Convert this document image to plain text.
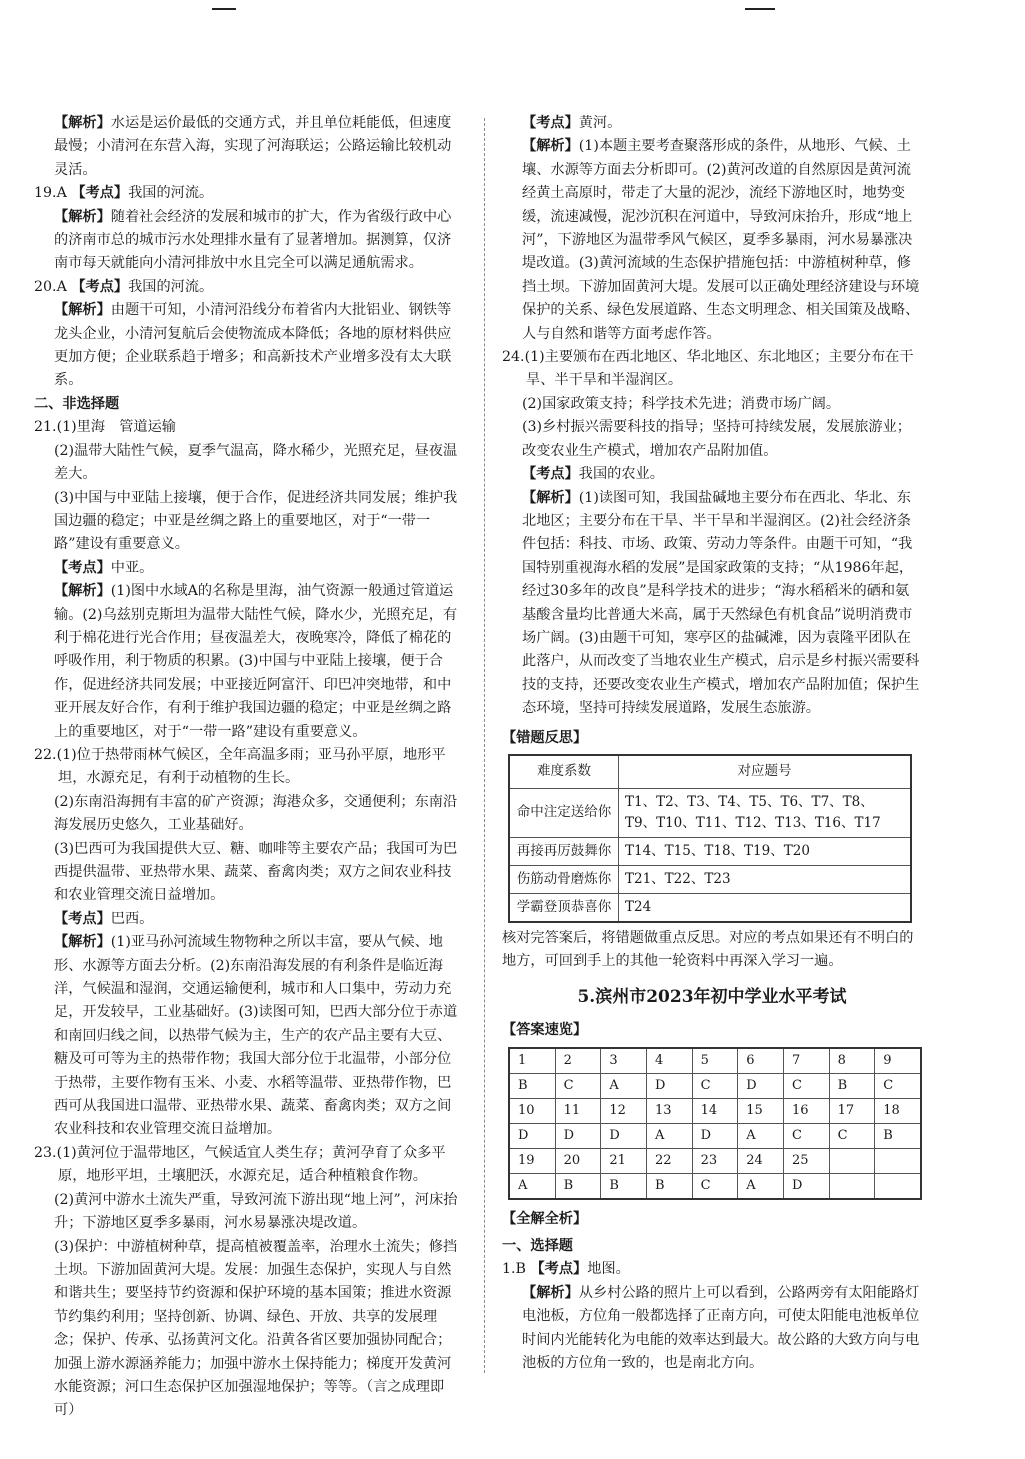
【解析】水运是运价最低的交通方式，并且单位耗能低，但速度最慢；小清河在东营入海，实现了河海联运；公路运输比较机动灵活。

19.A 【考点】我国的河流。

【解析】随着社会经济的发展和城市的扩大，作为省级行政中心的济南市总的城市污水处理排水量有了显著增加。据测算，仅济南市每天就能向小清河排放中水且完全可以满足通航需求。

20.A 【考点】我国的河流。

【解析】由题干可知，小清河沿线分布着省内大批铝业、钢铁等龙头企业，小清河复航后会使物流成本降低；各地的原材料供应更加方便；企业联系趋于增多；和高新技术产业增多没有太大联系。

二、非选择题

21.(1)里海　管道运输

(2)温带大陆性气候，夏季气温高，降水稀少，光照充足，昼夜温差大。

(3)中国与中亚陆上接壤，便于合作，促进经济共同发展；维护我国边疆的稳定；中亚是丝绸之路上的重要地区，对于“一带一路”建设有重要意义。

【考点】中亚。

【解析】(1)图中水域A的名称是里海，油气资源一般通过管道运输。(2)乌兹别克斯坦为温带大陆性气候，降水少，光照充足，有利于棉花进行光合作用；昼夜温差大，夜晚寒冷，降低了棉花的呼吸作用，利于物质的积累。(3)中国与中亚陆上接壤，便于合作，促进经济共同发展；中亚接近阿富汗、印巴冲突地带，和中亚开展友好合作，有利于维护我国边疆的稳定；中亚是丝绸之路上的重要地区，对于“一带一路”建设有重要意义。

22.(1)位于热带雨林气候区，全年高温多雨；亚马孙平原，地形平坦，水源充足，有利于动植物的生长。

(2)东南沿海拥有丰富的矿产资源；海港众多，交通便利；东南沿海发展历史悠久，工业基础好。

(3)巴西可为我国提供大豆、糖、咖啡等主要农产品；我国可为巴西提供温带、亚热带水果、蔬菜、畜禽肉类；双方之间农业科技和农业管理交流日益增加。

【考点】巴西。

【解析】(1)亚马孙河流域生物物种之所以丰富，要从气候、地形、水源等方面去分析。(2)东南沿海发展的有利条件是临近海洋，气候温和湿润，交通运输便利，城市和人口集中，劳动力充足，开发较早，工业基础好。(3)读图可知，巴西大部分位于赤道和南回归线之间，以热带气候为主，生产的农产品主要有大豆、糖及可可等为主的热带作物；我国大部分位于北温带，小部分位于热带，主要作物有玉米、小麦、水稻等温带、亚热带作物，巴西可从我国进口温带、亚热带水果、蔬菜、畜禽肉类；双方之间农业科技和农业管理交流日益增加。

23.(1)黄河位于温带地区，气候适宜人类生存；黄河孕育了众多平原，地形平坦，土壤肥沃，水源充足，适合种植粮食作物。

(2)黄河中游水土流失严重，导致河流下游出现“地上河”，河床抬升；下游地区夏季多暴雨，河水易暴涨决堤改道。

(3)保护：中游植树种草，提高植被覆盖率，治理水土流失；修挡土坝。下游加固黄河大堤。发展：加强生态保护，实现人与自然和谐共生；要坚持节约资源和保护环境的基本国策；推进水资源节约集约利用；坚持创新、协调、绿色、开放、共享的发展理念；保护、传承、弘扬黄河文化。沿黄各省区要加强协同配合；加强上游水源涵养能力；加强中游水土保持能力；梯度开发黄河水能资源；河口生态保护区加强湿地保护；等等。（言之成理即可）

【考点】黄河。

【解析】(1)本题主要考查聚落形成的条件，从地形、气候、土壤、水源等方面去分析即可。(2)黄河改道的自然原因是黄河流经黄土高原时，带走了大量的泥沙，流经下游地区时，地势变缓，流速减慢，泥沙沉积在河道中，导致河床抬升，形成“地上河”，下游地区为温带季风气候区，夏季多暴雨，河水易暴涨决堤改道。(3)黄河流域的生态保护措施包括：中游植树种草，修挡土坝。下游加固黄河大堤。发展可以正确处理经济建设与环境保护的关系、绿色发展道路、生态文明理念、相关国策及战略、人与自然和谐等方面考虑作答。

24.(1)主要颁布在西北地区、华北地区、东北地区；主要分布在干旱、半干旱和半湿润区。

(2)国家政策支持；科学技术先进；消费市场广阔。

(3)乡村振兴需要科技的指导；坚持可持续发展，发展旅游业；改变农业生产模式，增加农产品附加值。

【考点】我国的农业。

【解析】(1)读图可知，我国盐碱地主要分布在西北、华北、东北地区；主要分布在干旱、半干旱和半湿润区。(2)社会经济条件包括：科技、市场、政策、劳动力等条件。由题干可知，“我国特别重视海水稻的发展”是国家政策的支持；“从1986年起，经过30多年的改良”是科学技术的进步；“海水稻稻米的硒和氨基酸含量均比普通大米高，属于天然绿色有机食品”说明消费市场广阔。(3)由题干可知，寒亭区的盐碱滩，因为袁隆平团队在此落户，从而改变了当地农业生产模式，启示是乡村振兴需要科技的支持，还要改变农业生产模式，增加农产品附加值；保护生态环境，坚持可持续发展道路，发展生态旅游。

【错题反思】

难度系数	对应题号
命中注定送给你	T1、T2、T3、T4、T5、T6、T7、T8、T9、T10、T11、T12、T13、T16、T17
再接再厉鼓舞你	T14、T15、T18、T19、T20
伤筋动骨磨炼你	T21、T22、T23
学霸登顶恭喜你	T24

核对完答案后，将错题做重点反思。对应的考点如果还有不明白的地方，可回到手上的其他一轮资料中再深入学习一遍。

5.滨州市2023年初中学业水平考试

【答案速览】

1	2	3	4	5	6	7	8	9
B	C	A	D	C	D	C	B	C
10	11	12	13	14	15	16	17	18
D	D	D	A	D	A	C	C	B
19	20	21	22	23	24	25		
A	B	B	B	C	A	D		

【全解全析】

一、选择题

1.B 【考点】地图。

【解析】从乡村公路的照片上可以看到，公路两旁有太阳能路灯电池板，方位角一般都选择了正南方向，可使太阳能电池板单位时间内光能转化为电能的效率达到最大。故公路的大致方向与电池板的方位角一致的，也是南北方向。
